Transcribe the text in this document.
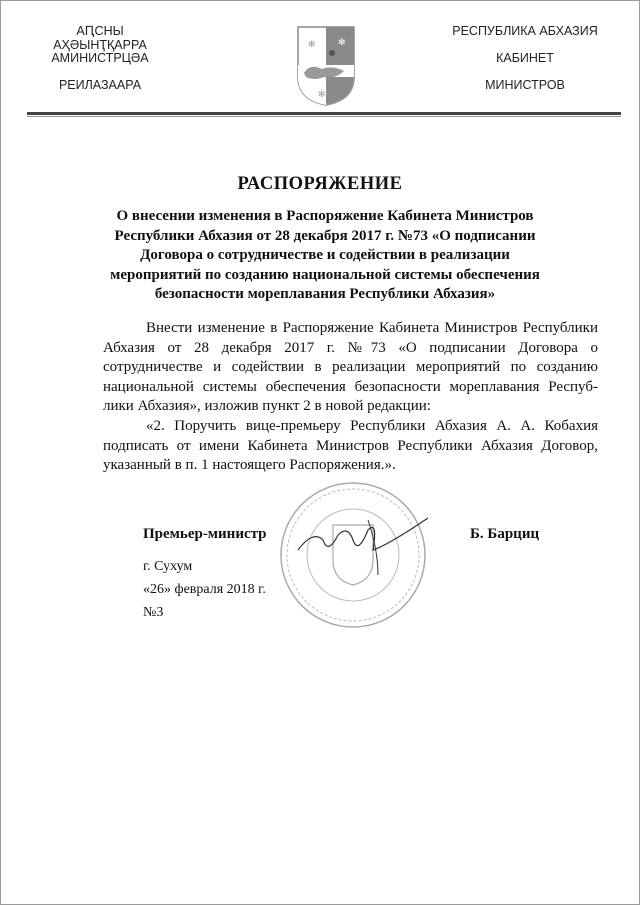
АԤСНЫ АҲӘЫНҬҚАРРА
АМИНИСТРЦӘА
РЕИЛАЗААРА
✻ ✻
✻
РЕСПУБЛИКА АБХАЗИЯ
КАБИНЕТ
МИНИСТРОВ
РАСПОРЯЖЕНИЕ
О внесении изменения в Распоряжение Кабинета Министров Республики Абхазия от 28 декабря 2017 г. №73 «О подписании Договора о сотрудничестве и содействии в реализации мероприятий по созданию национальной системы обеспечения безопасности мореплавания Республики Абхазия»
Внести изменение в Распоряжение Кабинета Министров Республики Абхазия от 28 декабря 2017 г. №73 «О подписании Договора о сотрудничестве и содействии в реализации мероприятий по созданию национальной системы обеспечения безопасности мореплавания Республики Абхазия», изложив пункт 2 в новой редакции:
«2. Поручить вице-премьеру Республики Абхазия А. А. Кобахия подписать от имени Кабинета Министров Республики Абхазия Договор, указанный в п. 1 настоящего Распоряжения.».
Премьер-министр	Б. Барциц
г. Сухум
«26» февраля 2018 г.
№3
